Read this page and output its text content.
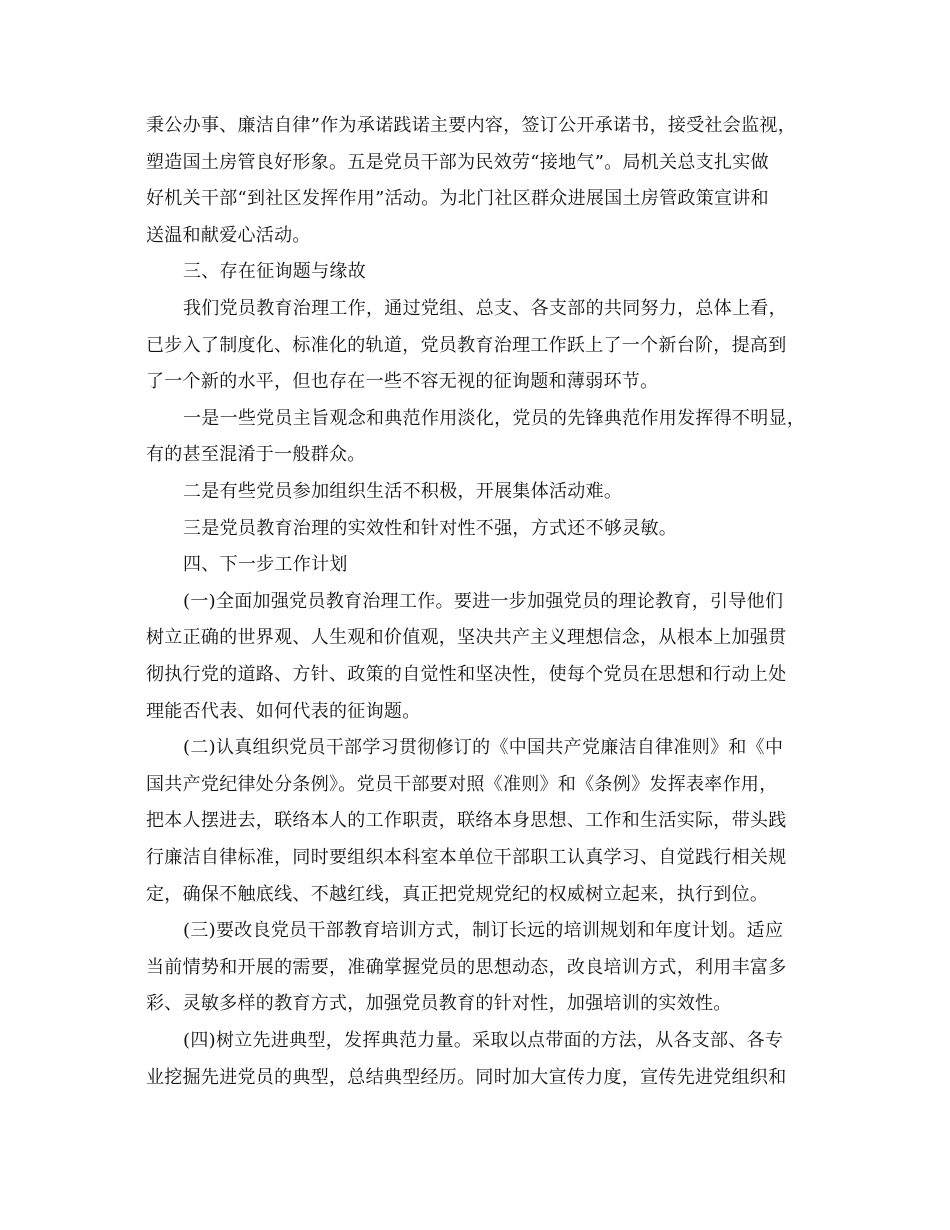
秉公办事、廉洁自律”作为承诺践诺主要内容，签订公开承诺书，接受社会监视，
塑造国土房管良好形象。五是党员干部为民效劳“接地气”。局机关总支扎实做
好机关干部“到社区发挥作用”活动。为北门社区群众进展国土房管政策宣讲和
送温和献爱心活动。
三、存在征询题与缘故
我们党员教育治理工作，通过党组、总支、各支部的共同努力，总体上看，
已步入了制度化、标准化的轨道，党员教育治理工作跃上了一个新台阶，提高到
了一个新的水平，但也存在一些不容无视的征询题和薄弱环节。
一是一些党员主旨观念和典范作用淡化，党员的先锋典范作用发挥得不明显，
有的甚至混淆于一般群众。
二是有些党员参加组织生活不积极，开展集体活动难。
三是党员教育治理的实效性和针对性不强，方式还不够灵敏。
四、下一步工作计划
(一)全面加强党员教育治理工作。要进一步加强党员的理论教育，引导他们
树立正确的世界观、人生观和价值观，坚决共产主义理想信念，从根本上加强贯
彻执行党的道路、方针、政策的自觉性和坚决性，使每个党员在思想和行动上处
理能否代表、如何代表的征询题。
(二)认真组织党员干部学习贯彻修订的《中国共产党廉洁自律准则》和《中
国共产党纪律处分条例》。党员干部要对照《准则》和《条例》发挥表率作用，
把本人摆进去，联络本人的工作职责，联络本身思想、工作和生活实际，带头践
行廉洁自律标准，同时要组织本科室本单位干部职工认真学习、自觉践行相关规
定，确保不触底线、不越红线，真正把党规党纪的权威树立起来，执行到位。
(三)要改良党员干部教育培训方式，制订长远的培训规划和年度计划。适应
当前情势和开展的需要，准确掌握党员的思想动态，改良培训方式，利用丰富多
彩、灵敏多样的教育方式，加强党员教育的针对性，加强培训的实效性。
(四)树立先进典型，发挥典范力量。采取以点带面的方法，从各支部、各专
业挖掘先进党员的典型，总结典型经历。同时加大宣传力度，宣传先进党组织和
